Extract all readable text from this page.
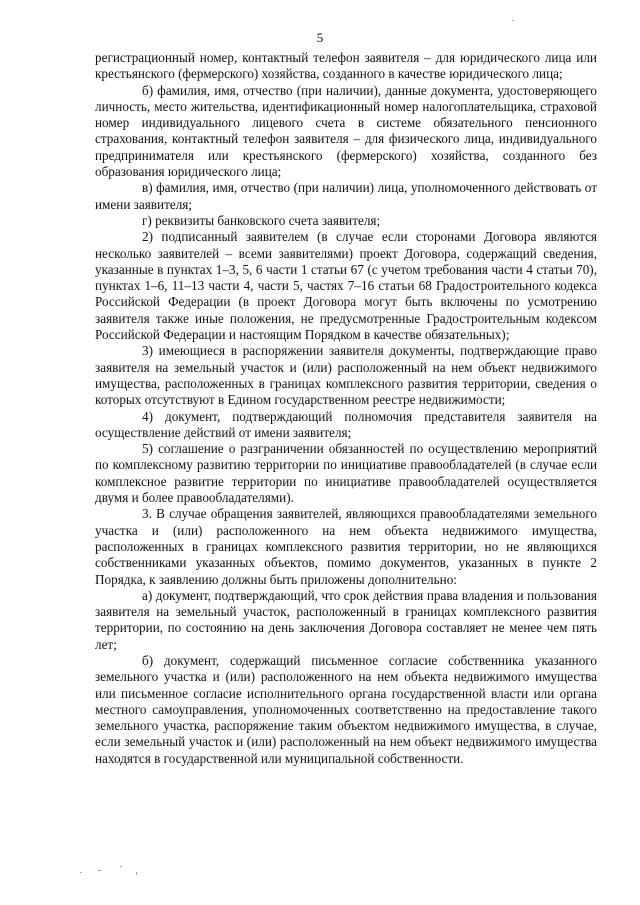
5

регистрационный номер, контактный телефон заявителя – для юридического лица или крестьянского (фермерского) хозяйства, созданного в качестве юридического лица;

б) фамилия, имя, отчество (при наличии), данные документа, удостоверяющего личность, место жительства, идентификационный номер налогоплательщика, страховой номер индивидуального лицевого счета в системе обязательного пенсионного страхования, контактный телефон заявителя – для физического лица, индивидуального предпринимателя или крестьянского (фермерского) хозяйства, созданного без образования юридического лица;

в) фамилия, имя, отчество (при наличии) лица, уполномоченного действовать от имени заявителя;

г) реквизиты банковского счета заявителя;

2) подписанный заявителем (в случае если сторонами Договора являются несколько заявителей – всеми заявителями) проект Договора, содержащий сведения, указанные в пунктах 1–3, 5, 6 части 1 статьи 67 (с учетом требования части 4 статьи 70), пунктах 1–6, 11–13 части 4, части 5, частях 7–16 статьи 68 Градостроительного кодекса Российской Федерации (в проект Договора могут быть включены по усмотрению заявителя также иные положения, не предусмотренные Градостроительным кодексом Российской Федерации и настоящим Порядком в качестве обязательных);

3) имеющиеся в распоряжении заявителя документы, подтверждающие право заявителя на земельный участок и (или) расположенный на нем объект недвижимого имущества, расположенных в границах комплексного развития территории, сведения о которых отсутствуют в Едином государственном реестре недвижимости;

4) документ, подтверждающий полномочия представителя заявителя на осуществление действий от имени заявителя;

5) соглашение о разграничении обязанностей по осуществлению мероприятий по комплексному развитию территории по инициативе правообладателей (в случае если комплексное развитие территории по инициативе правообладателей осуществляется двумя и более правообладателями).

3. В случае обращения заявителей, являющихся правообладателями земельного участка и (или) расположенного на нем объекта недвижимого имущества, расположенных в границах комплексного развития территории, но не являющихся собственниками указанных объектов, помимо документов, указанных в пункте 2 Порядка, к заявлению должны быть приложены дополнительно:

а) документ, подтверждающий, что срок действия права владения и пользования заявителя на земельный участок, расположенный в границах комплексного развития территории, по состоянию на день заключения Договора составляет не менее чем пять лет;

б) документ, содержащий письменное согласие собственника указанного земельного участка и (или) расположенного на нем объекта недвижимого имущества или письменное согласие исполнительного органа государственной власти или органа местного самоуправления, уполномоченных соответственно на предоставление такого земельного участка, распоряжение таким объектом недвижимого имущества, в случае, если земельный участок и (или) расположенный на нем объект недвижимого имущества находятся в государственной или муниципальной собственности.
